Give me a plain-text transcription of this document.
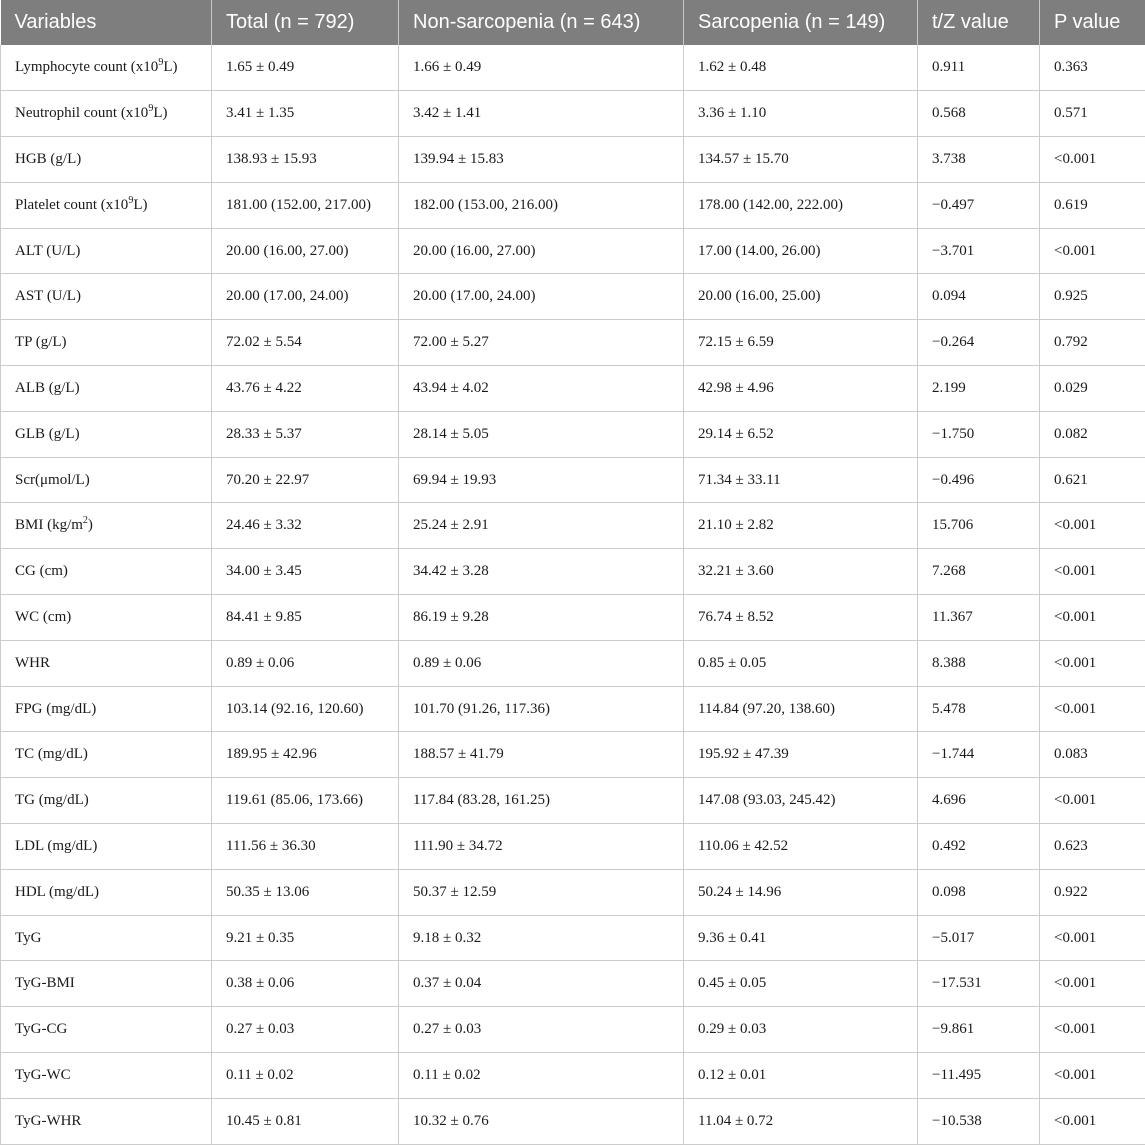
Variables	Total (n = 792)	Non-sarcopenia (n = 643)	Sarcopenia (n = 149)	t/Z value	P value
Lymphocyte count $(x10^9L)$	1.65 ± 0.49	1.66 ± 0.49	1.62 ± 0.48	0.911	0.363
Neutrophil count $(x10^9L)$	3.41 ± 1.35	3.42 ± 1.41	3.36 ± 1.10	0.568	0.571
HGB (g/L)	138.93 ± 15.93	139.94 ± 15.83	134.57 ± 15.70	3.738	<0.001
Platelet count $(x10^9L)$	181.00 (152.00, 217.00)	182.00 (153.00, 216.00)	178.00 (142.00, 222.00)	−0.497	0.619
ALT (U/L)	20.00 (16.00, 27.00)	20.00 (16.00, 27.00)	17.00 (14.00, 26.00)	−3.701	<0.001
AST (U/L)	20.00 (17.00, 24.00)	20.00 (17.00, 24.00)	20.00 (16.00, 25.00)	0.094	0.925
TP (g/L)	72.02 ± 5.54	72.00 ± 5.27	72.15 ± 6.59	−0.264	0.792
ALB (g/L)	43.76 ± 4.22	43.94 ± 4.02	42.98 ± 4.96	2.199	0.029
GLB (g/L)	28.33 ± 5.37	28.14 ± 5.05	29.14 ± 6.52	−1.750	0.082
Scr(μmol/L)	70.20 ± 22.97	69.94 ± 19.93	71.34 ± 33.11	−0.496	0.621
BMI $(kg/m^2)$	24.46 ± 3.32	25.24 ± 2.91	21.10 ± 2.82	15.706	<0.001
CG (cm)	34.00 ± 3.45	34.42 ± 3.28	32.21 ± 3.60	7.268	<0.001
WC (cm)	84.41 ± 9.85	86.19 ± 9.28	76.74 ± 8.52	11.367	<0.001
WHR	0.89 ± 0.06	0.89 ± 0.06	0.85 ± 0.05	8.388	<0.001
FPG (mg/dL)	103.14 (92.16, 120.60)	101.70 (91.26, 117.36)	114.84 (97.20, 138.60)	5.478	<0.001
TC (mg/dL)	189.95 ± 42.96	188.57 ± 41.79	195.92 ± 47.39	−1.744	0.083
TG (mg/dL)	119.61 (85.06, 173.66)	117.84 (83.28, 161.25)	147.08 (93.03, 245.42)	4.696	<0.001
LDL (mg/dL)	111.56 ± 36.30	111.90 ± 34.72	110.06 ± 42.52	0.492	0.623
HDL (mg/dL)	50.35 ± 13.06	50.37 ± 12.59	50.24 ± 14.96	0.098	0.922
TyG	9.21 ± 0.35	9.18 ± 0.32	9.36 ± 0.41	−5.017	<0.001
TyG-BMI	0.38 ± 0.06	0.37 ± 0.04	0.45 ± 0.05	−17.531	<0.001
TyG-CG	0.27 ± 0.03	0.27 ± 0.03	0.29 ± 0.03	−9.861	<0.001
TyG-WC	0.11 ± 0.02	0.11 ± 0.02	0.12 ± 0.01	−11.495	<0.001
TyG-WHR	10.45 ± 0.81	10.32 ± 0.76	11.04 ± 0.72	−10.538	<0.001
